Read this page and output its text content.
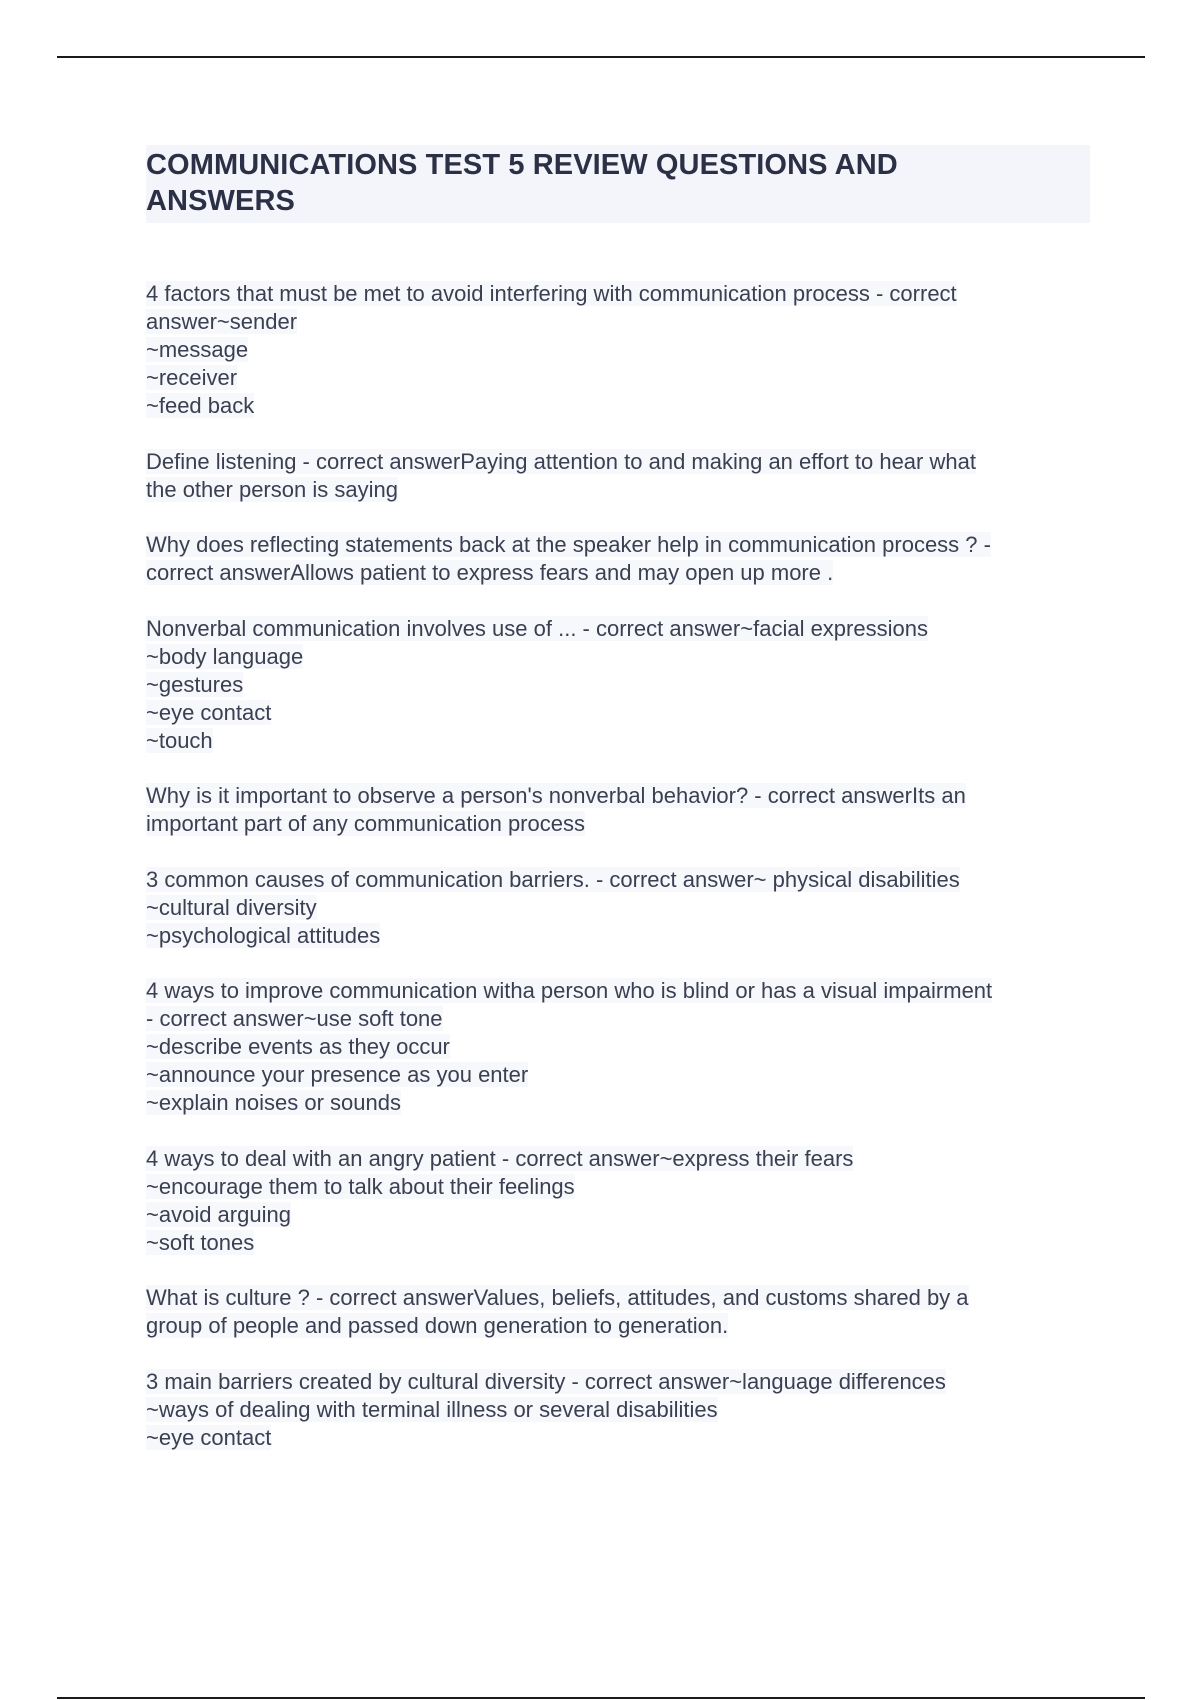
COMMUNICATIONS TEST 5 REVIEW QUESTIONS AND
ANSWERS
4 factors that must be met to avoid interfering with communication process - correct
answer~sender
~message
~receiver
~feed back
Define listening - correct answerPaying attention to and making an effort to hear what
the other person is saying
Why does reflecting statements back at the speaker help in communication process ? -
correct answerAllows patient to express fears and may open up more .
Nonverbal communication involves use of ... - correct answer~facial expressions
~body language
~gestures
~eye contact
~touch
Why is it important to observe a person's nonverbal behavior? - correct answerIts an
important part of any communication process
3 common causes of communication barriers. - correct answer~ physical disabilities
~cultural diversity
~psychological attitudes
4 ways to improve communication witha person who is blind or has a visual impairment
- correct answer~use soft tone
~describe events as they occur
~announce your presence as you enter
~explain noises or sounds
4 ways to deal with an angry patient - correct answer~express their fears
~encourage them to talk about their feelings
~avoid arguing
~soft tones
What is culture ? - correct answerValues, beliefs, attitudes, and customs shared by a
group of people and passed down generation to generation.
3 main barriers created by cultural diversity - correct answer~language differences
~ways of dealing with terminal illness or several disabilities
~eye contact
